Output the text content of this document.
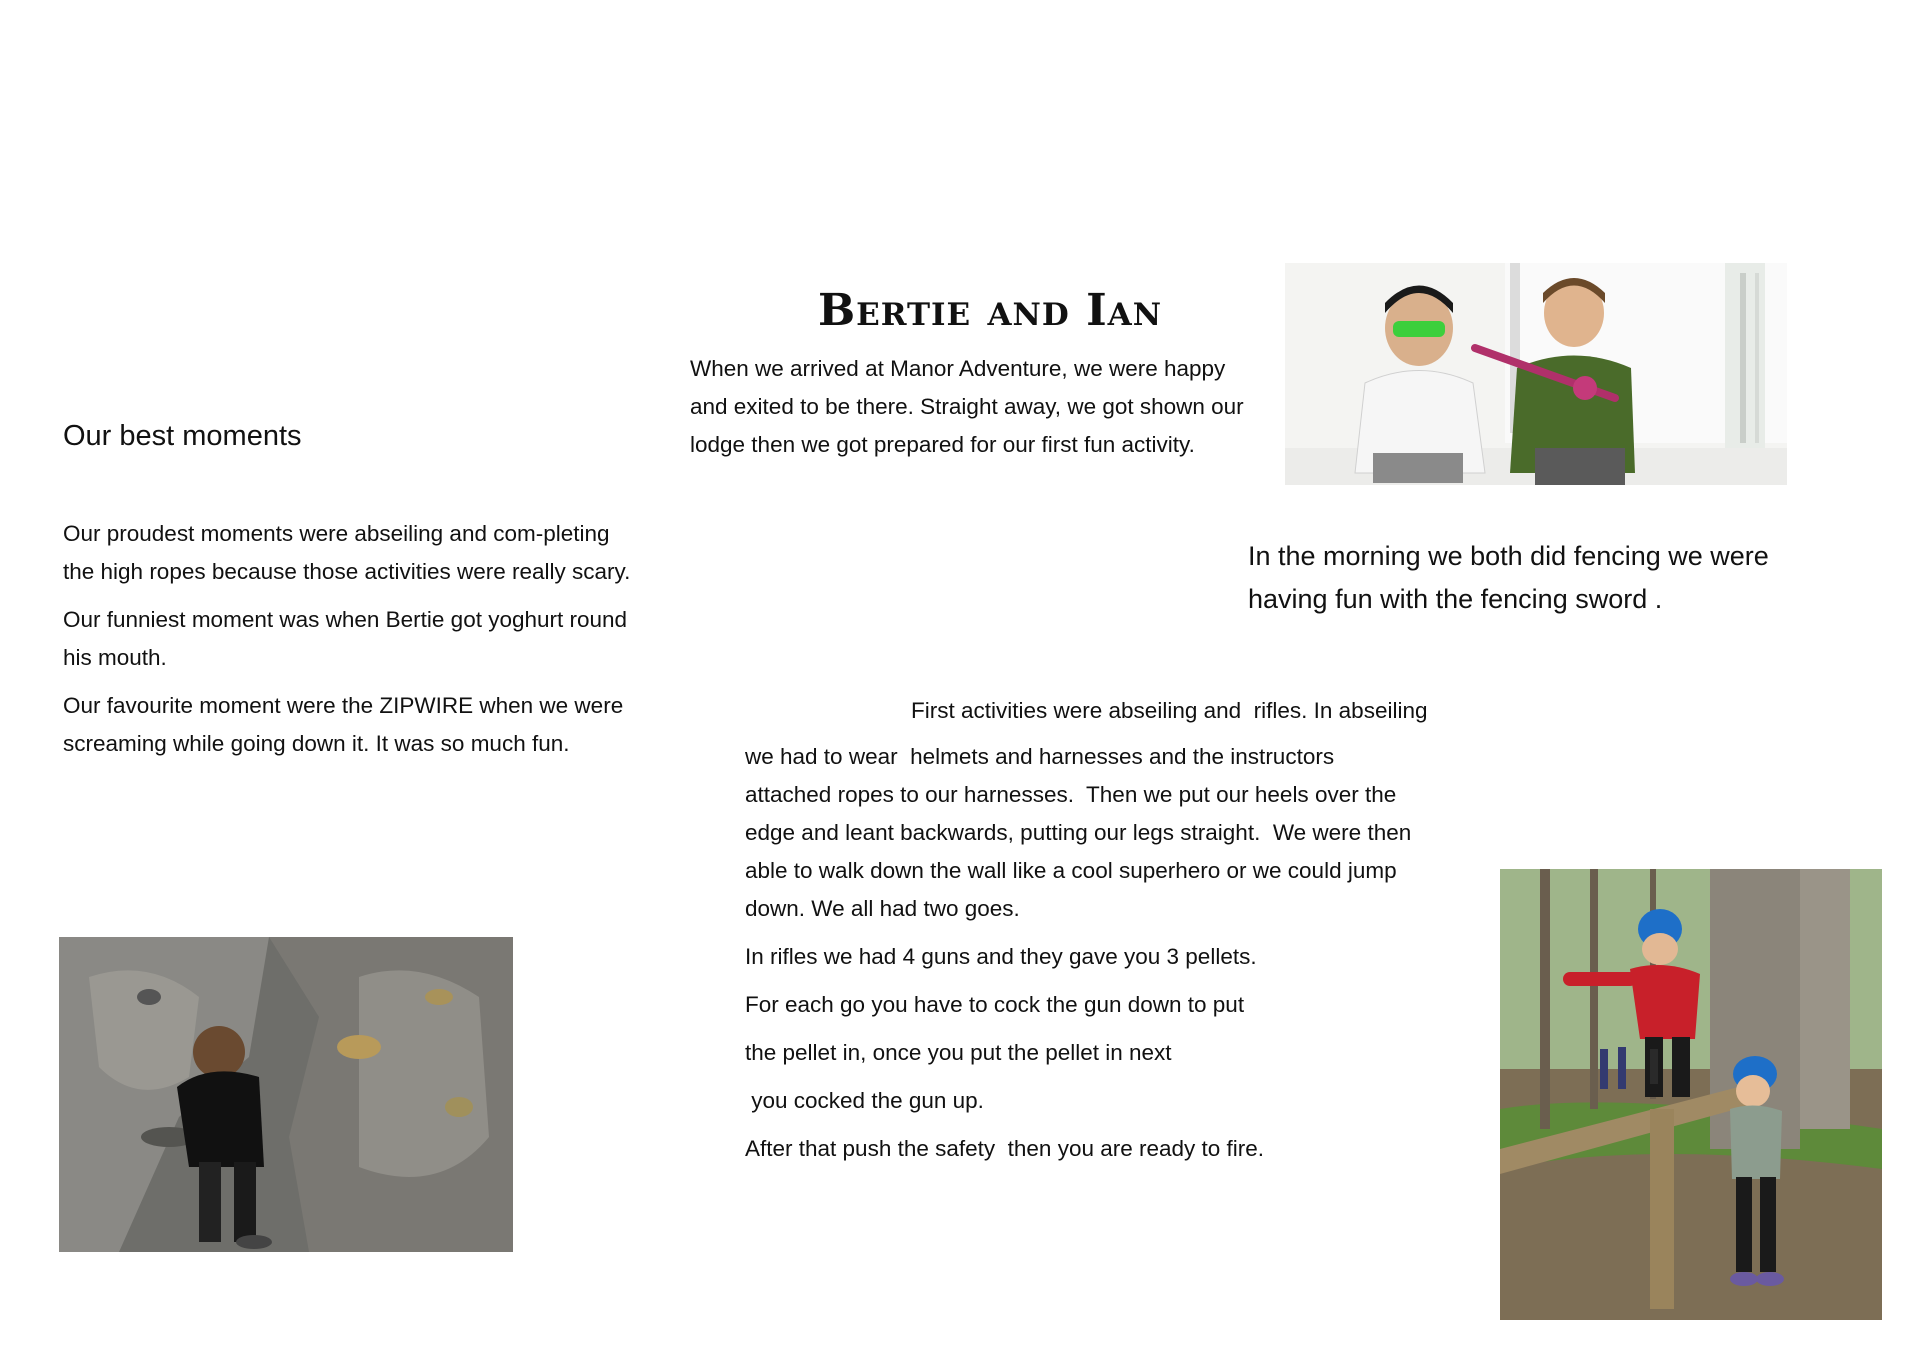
Bertie and Ian
When we arrived at Manor Adventure, we were happy and exited to be there. Straight away, we got shown our lodge then we got prepared for our first fun activity.
Our best moments

Our proudest moments were abseiling and com-pleting the high ropes because those activities were really scary.

Our funniest moment was when Bertie got yoghurt round his mouth.

Our favourite moment were the ZIPWIRE when we were screaming while going down it. It was so much fun.

In the morning we both did fencing we were having fun with the fencing sword .
First activities were abseiling and  rifles. In abseiling
we had to wear  helmets and harnesses and the instructors
attached ropes to our harnesses.  Then we put our heels over the
edge and leant backwards, putting our legs straight.  We were then
able to walk down the wall like a cool superhero or we could jump
down. We all had two goes.
In rifles we had 4 guns and they gave you 3 pellets.
For each go you have to cock the gun down to put
the pellet in, once you put the pellet in next
you cocked the gun up.
After that push the safety  then you are ready to fire.
